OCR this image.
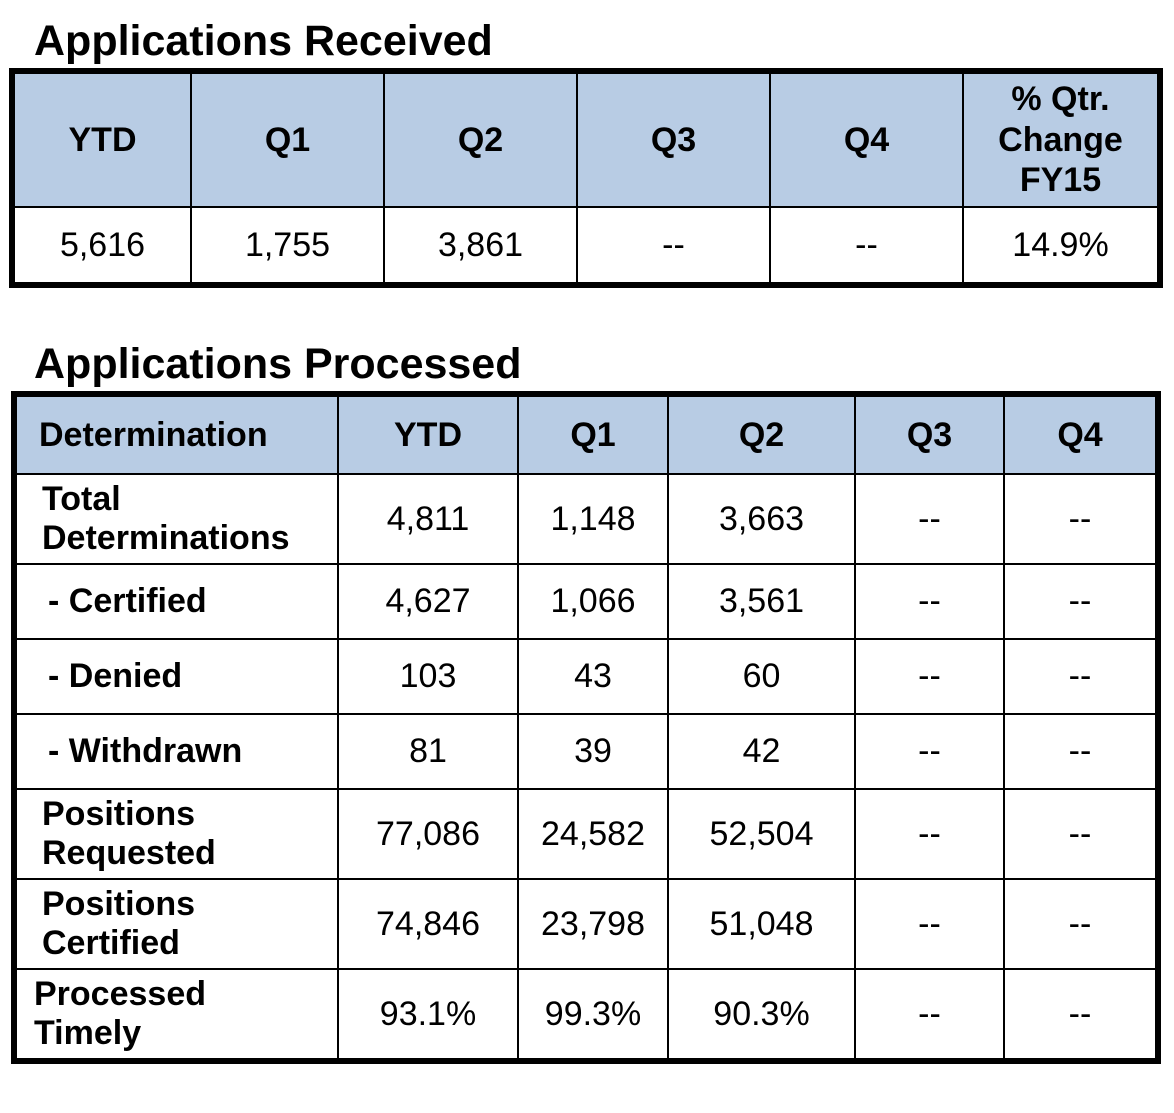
Applications Received
YTD	Q1	Q2	Q3	Q4	% Qtr.
Change
FY15

5,616	1,755	3,861	--	--	14.9%
Applications Processed
Determination	YTD	Q1	Q2	Q3	Q4

Total
Determinations	4,811	1,148	3,663	--	--

- Certified	4,627	1,066	3,561	--	--

- Denied	103	43	60	--	--

- Withdrawn	81	39	42	--	--

Positions
Requested	77,086	24,582	52,504	--	--

Positions
Certified	74,846	23,798	51,048	--	--

Processed
Timely	93.1%	99.3%	90.3%	--	--
